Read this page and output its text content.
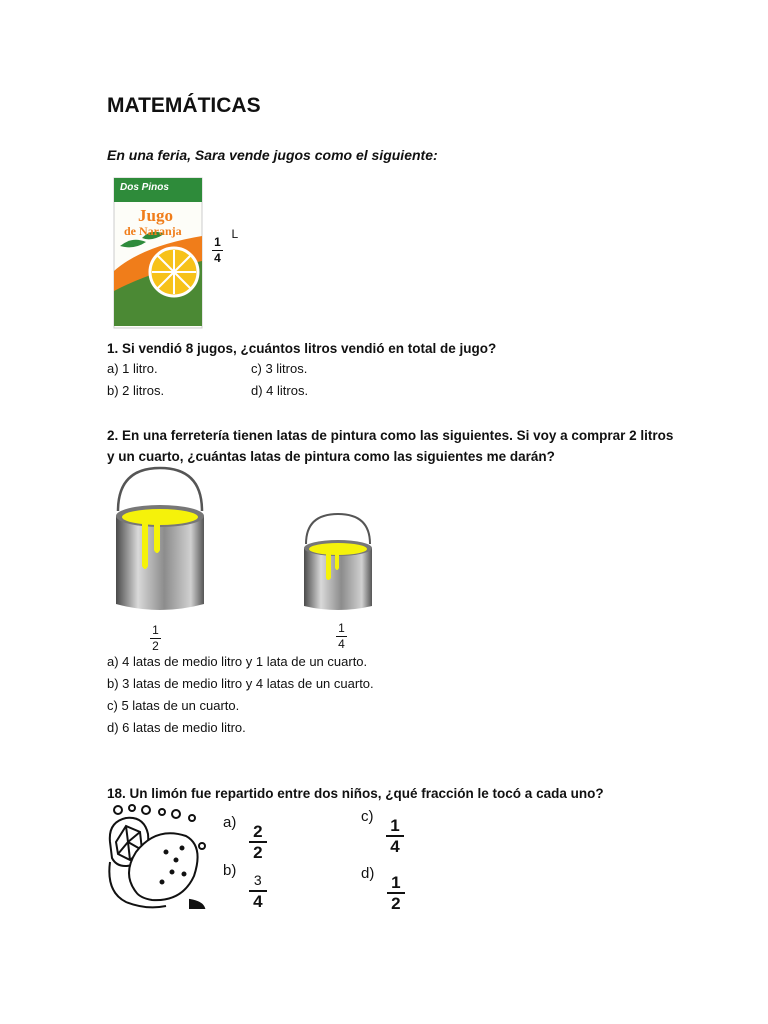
MATEMÁTICAS
En una feria, Sara vende jugos como el siguiente:
Dos Pinos
Jugo
de Naranja
$\frac{1}{4}$
$^L$
1. Si vendió 8 jugos, ¿cuántos litros vendió en total de jugo?
a) 1 litro.
b) 2 litros.
c) 3 litros.
d) 4 litros.
2. En una ferretería tienen latas de pintura como las siguientes. Si voy a comprar 2 litros
y un cuarto, ¿cuántas latas de pintura como las siguientes me darán?
$\frac{1}{2}$	$\frac{1}{4}$
a) 4 latas de medio litro y 1 lata de un cuarto.
b) 3 latas de medio litro y 4 latas de un cuarto.
c) 5 latas de un cuarto.
d) 6 latas de medio litro.
18. Un limón fue repartido entre dos niños, ¿qué fracción le tocó a cada uno?
a)
$\frac{2}{2}$
b)
3
4
c)
$\frac{1}{4}$
d)
$\frac{1}{2}$
